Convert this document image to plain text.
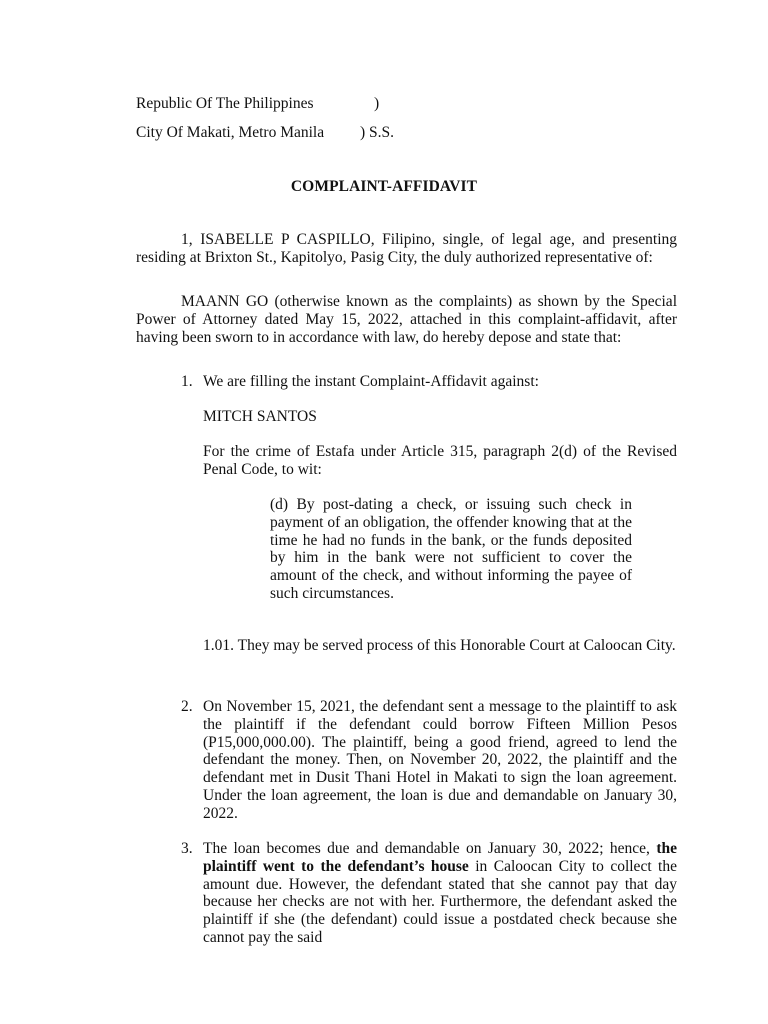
Republic Of The Philippines	)
City Of Makati, Metro Manila ) S.S.
COMPLAINT-AFFIDAVIT
1, ISABELLE P CASPILLO, Filipino, single, of legal age, and presenting residing at Brixton St., Kapitolyo, Pasig City, the duly authorized representative of:
MAANN GO (otherwise known as the complaints) as shown by the Special Power of Attorney dated May 15, 2022, attached in this complaint-affidavit, after having been sworn to in accordance with law, do hereby depose and state that:
1. We are filling the instant Complaint-Affidavit against:
MITCH SANTOS
For the crime of Estafa under Article 315, paragraph 2(d) of the Revised Penal Code, to wit:
(d) By post-dating a check, or issuing such check in payment of an obligation, the offender knowing that at the time he had no funds in the bank, or the funds deposited by him in the bank were not sufficient to cover the amount of the check, and without informing the payee of such circumstances.
1.01. They may be served process of this Honorable Court at Caloocan City.
2. On November 15, 2021, the defendant sent a message to the plaintiff to ask the plaintiff if the defendant could borrow Fifteen Million Pesos (P15,000,000.00). The plaintiff, being a good friend, agreed to lend the defendant the money. Then, on November 20, 2022, the plaintiff and the defendant met in Dusit Thani Hotel in Makati to sign the loan agreement. Under the loan agreement, the loan is due and demandable on January 30, 2022.
3. The loan becomes due and demandable on January 30, 2022; hence, the plaintiff went to the defendant’s house in Caloocan City to collect the amount due. However, the defendant stated that she cannot pay that day because her checks are not with her. Furthermore, the defendant asked the plaintiff if she (the defendant) could issue a postdated check because she cannot pay the said
